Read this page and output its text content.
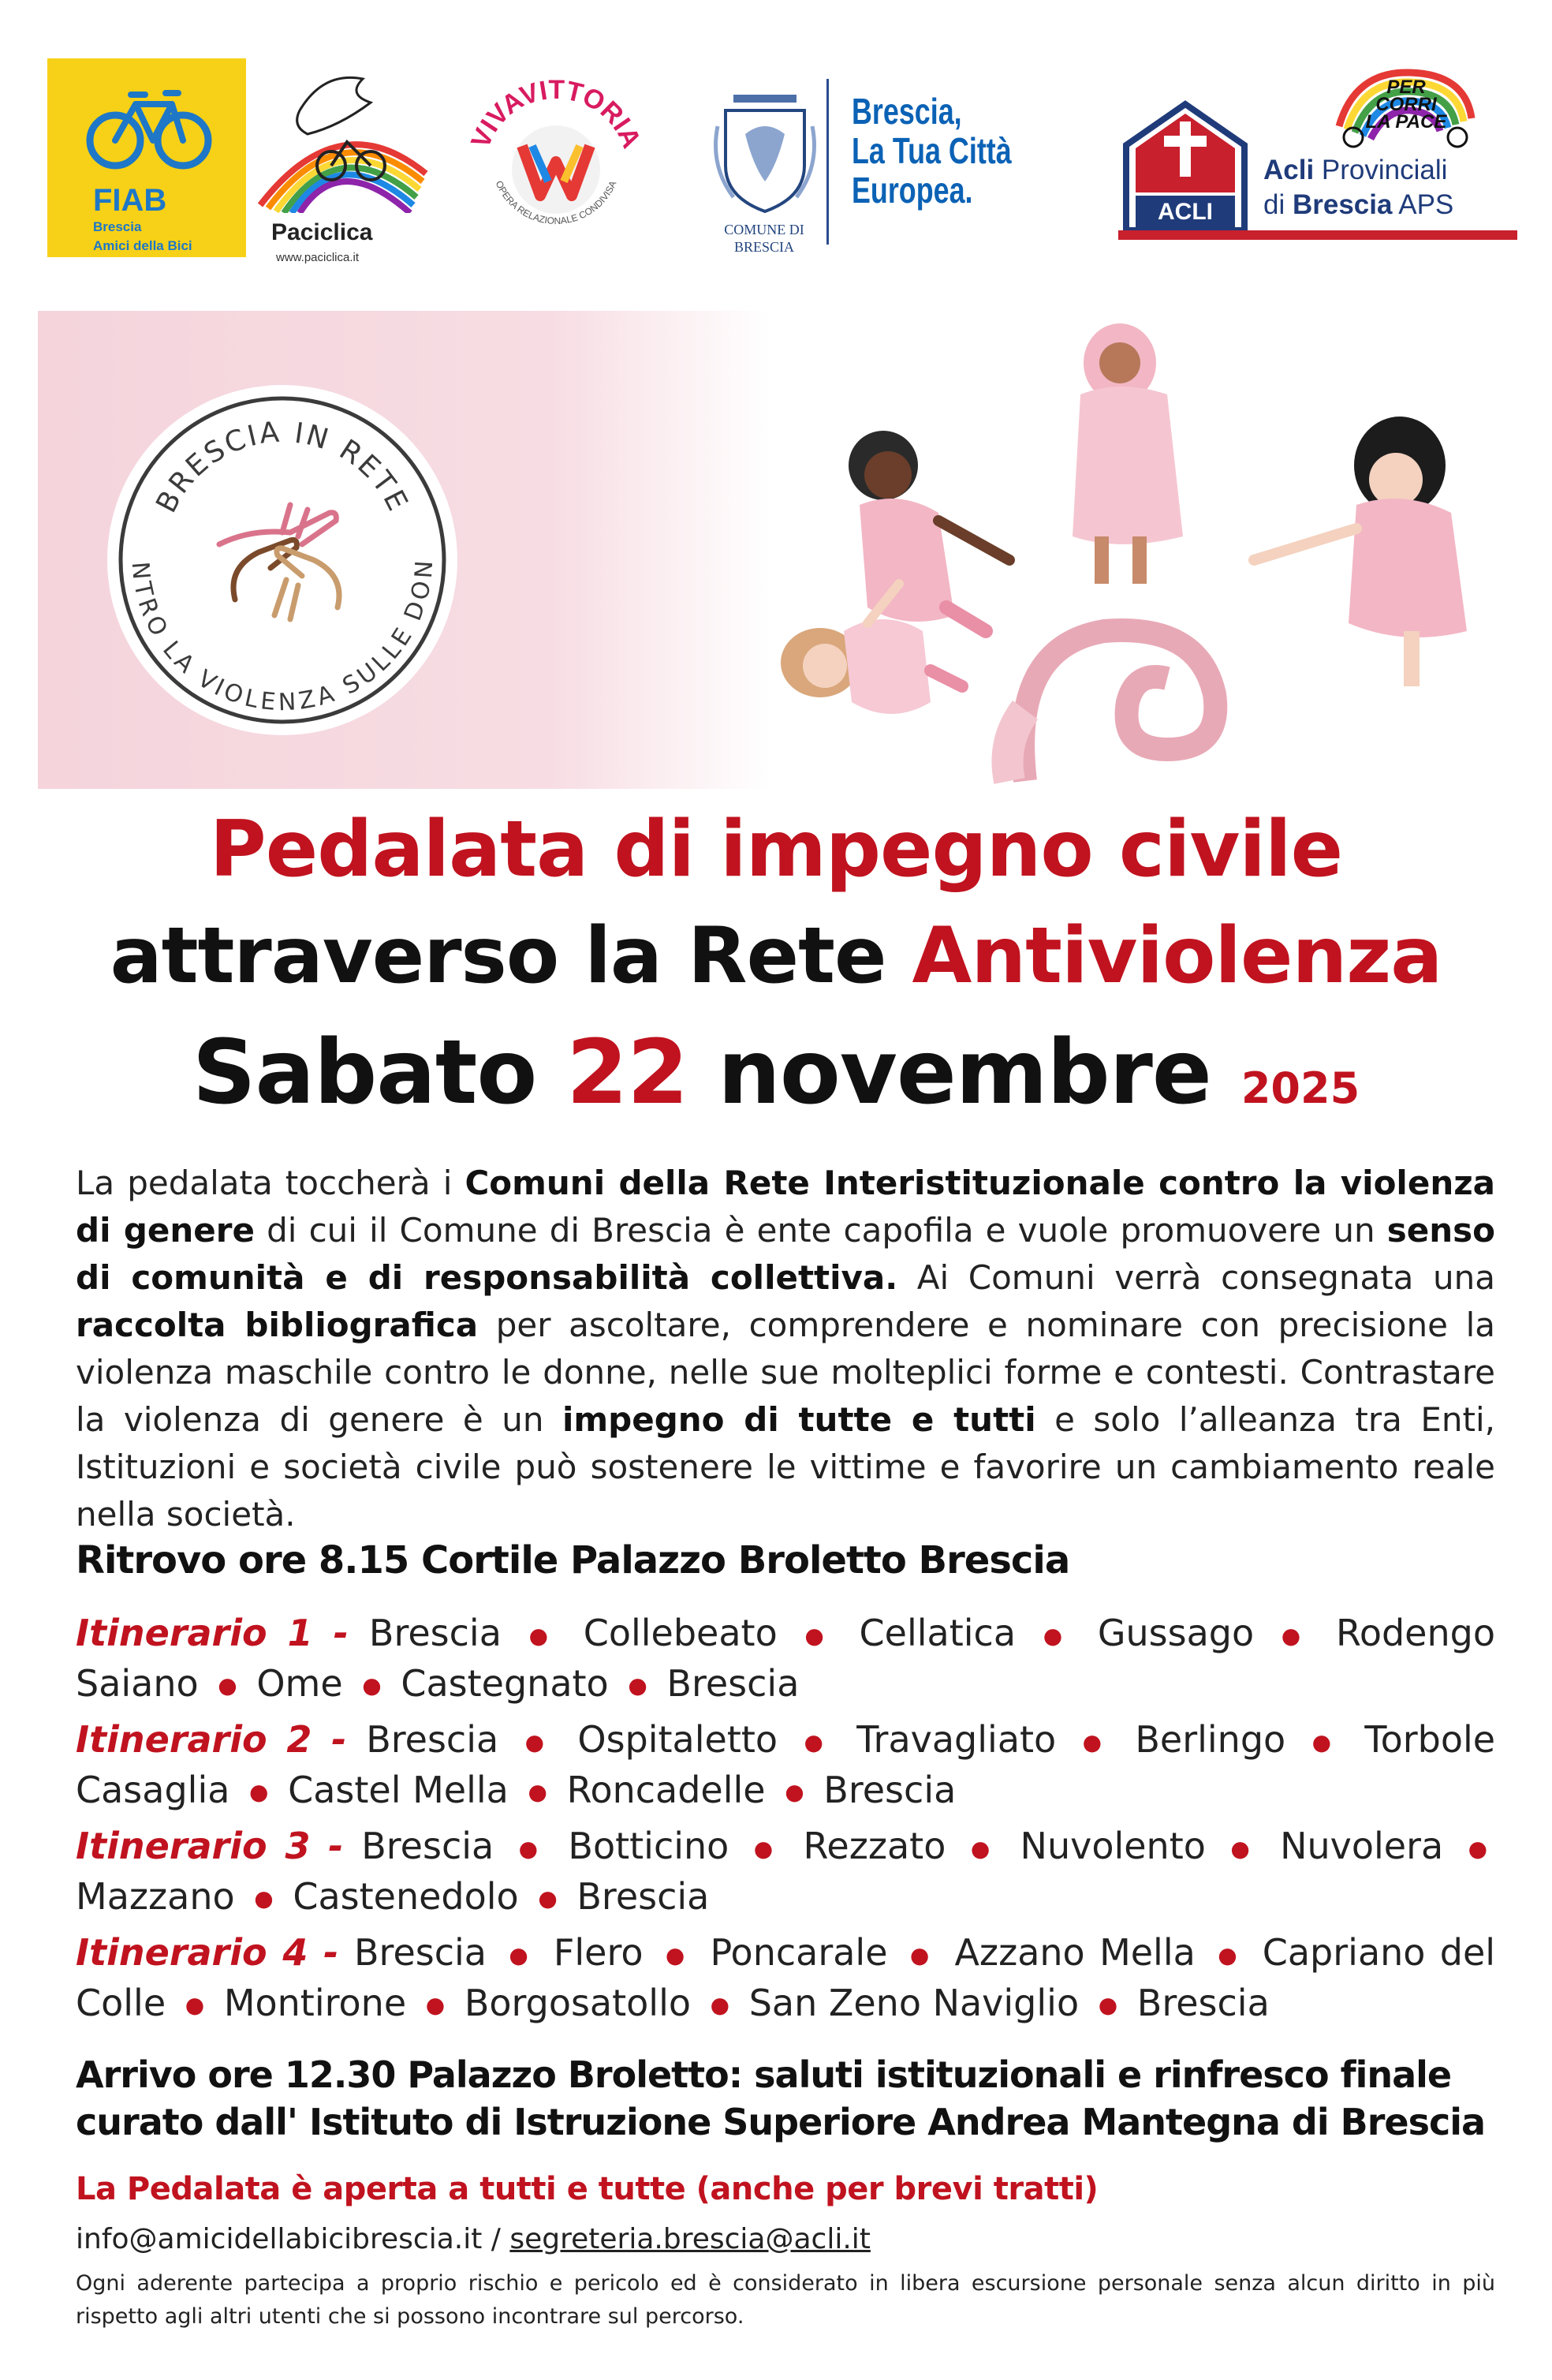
FIAB
Brescia
Amici della Bici
Paciclica
www.paciclica.it
VIVAVITTORIA
OPERA RELAZIONALE CONDIVISA
COMUNE DI
BRESCIA
Brescia,
La Tua Città
Europea.
ACLI
Acli Provinciali
di Brescia APS
PER CORRI LA PACE
BRESCIA IN RETE
NTRO LA VIOLENZA SULLE DON
Pedalata di impegno civile
attraverso la Rete Antiviolenza
Sabato 22 novembre 2025
La pedalata toccherà i Comuni della Rete Interistituzionale contro la violenza di genere di cui il Comune di Brescia è ente capofila e vuole promuovere un senso di comunità e di responsabilità collettiva. Ai Comuni verrà consegnata una raccolta bibliografica per ascoltare, comprendere e nominare con precisione la violenza maschile contro le donne, nelle sue molteplici forme e contesti. Contrastare la violenza di genere è un impegno di tutte e tutti e solo l’alleanza tra Enti, Istituzioni e società civile può sostenere le vittime e favorire un cambiamento reale nella società.
Ritrovo ore 8.15 Cortile Palazzo Broletto Brescia
Itinerario 1 - Brescia ● Collebeato ● Cellatica ● Gussago ● Rodengo Saiano ● Ome ● Castegnato ● Brescia
Itinerario 2 - Brescia ● Ospitaletto ● Travagliato ● Berlingo ● Torbole Casaglia ● Castel Mella ● Roncadelle ● Brescia
Itinerario 3 - Brescia ● Botticino ● Rezzato ● Nuvolento ● Nuvolera ● Mazzano ● Castenedolo ● Brescia
Itinerario 4 - Brescia ● Flero ● Poncarale ● Azzano Mella ● Capriano del Colle ● Montirone ● Borgosatollo ● San Zeno Naviglio ● Brescia
Arrivo ore 12.30 Palazzo Broletto: saluti istituzionali e rinfresco finale curato dall' Istituto di Istruzione Superiore Andrea Mantegna di Brescia
La Pedalata è aperta a tutti e tutte (anche per brevi tratti)
info@amicidellabicibrescia.it / segreteria.brescia@acli.it
Ogni aderente partecipa a proprio rischio e pericolo ed è considerato in libera escursione personale senza alcun diritto in più rispetto agli altri utenti che si possono incontrare sul percorso.
